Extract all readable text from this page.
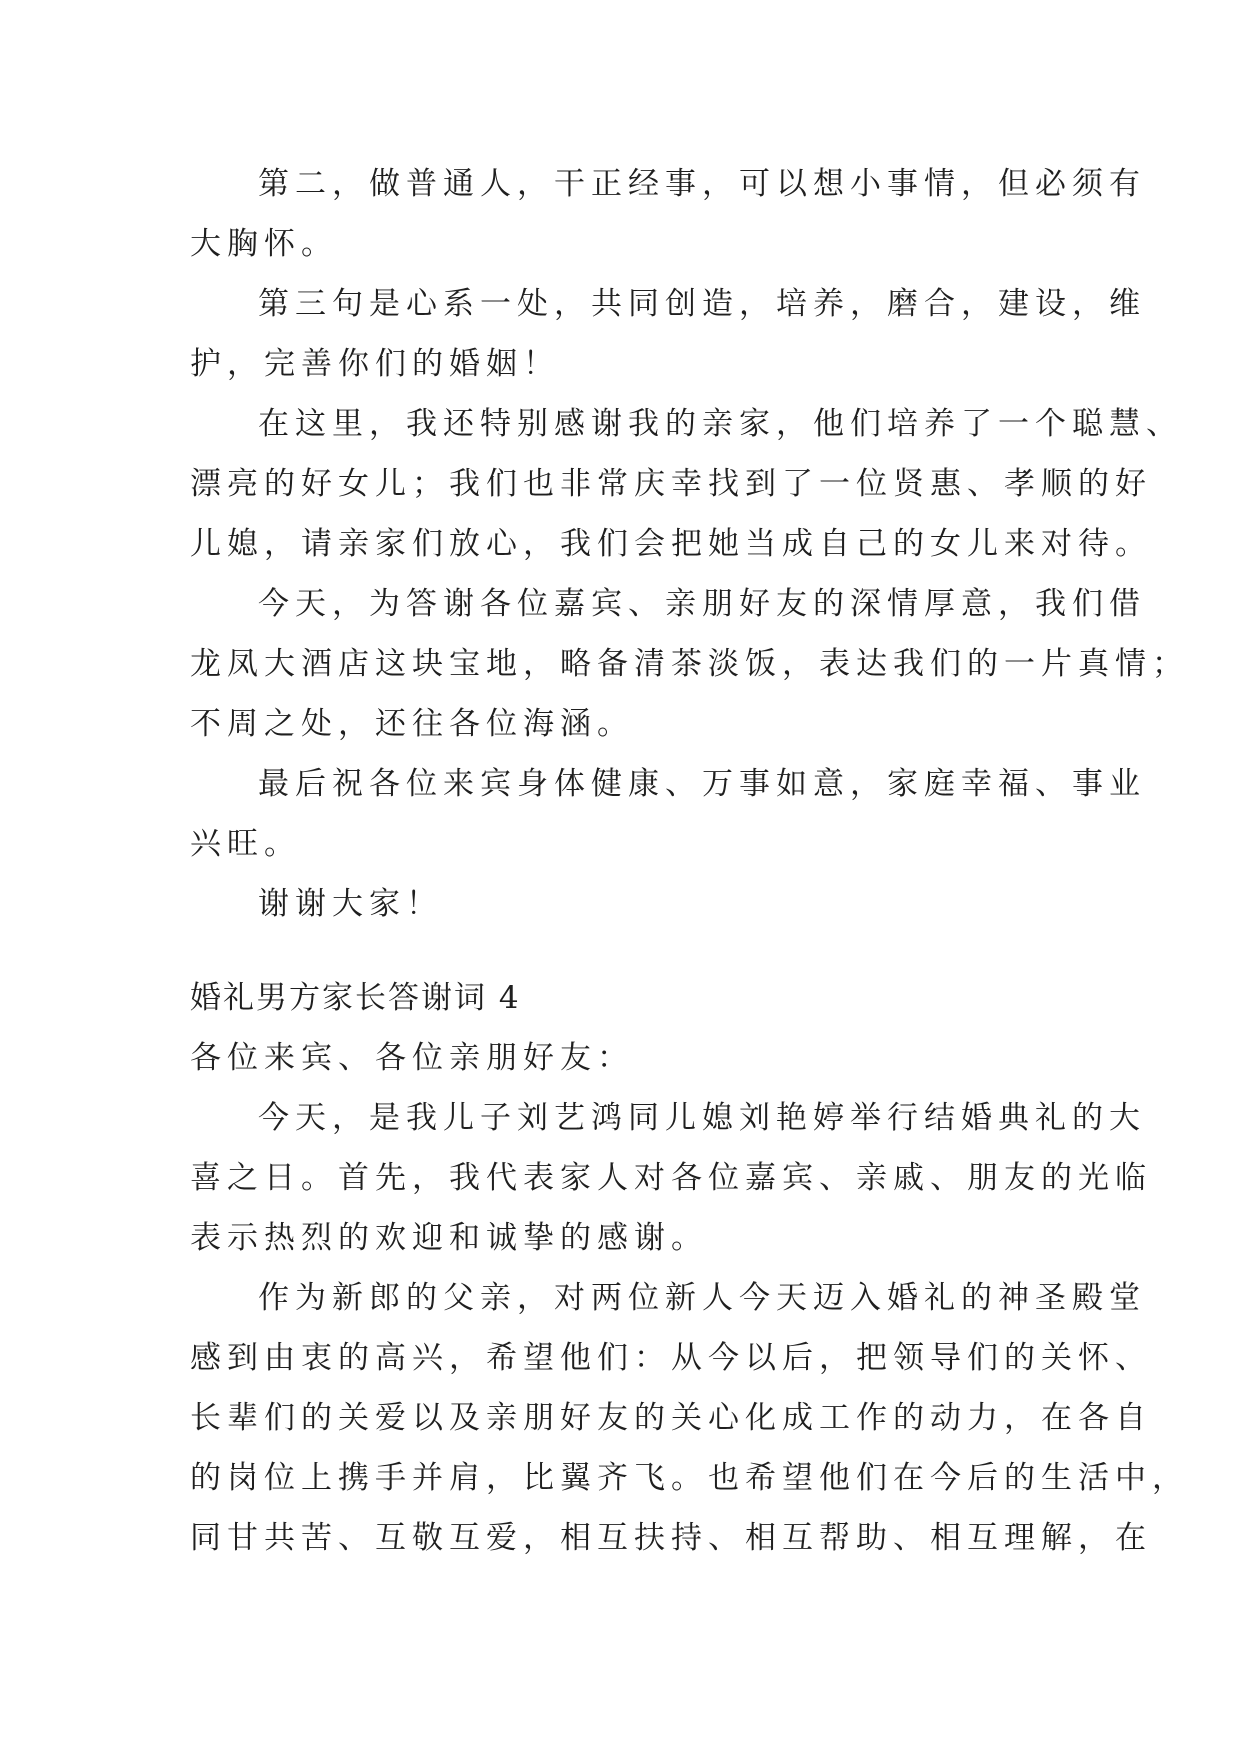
第二，做普通人，干正经事，可以想小事情，但必须有
大胸怀。
第三句是心系一处，共同创造，培养，磨合，建设，维
护，完善你们的婚姻！
在这里，我还特别感谢我的亲家，他们培养了一个聪慧、
漂亮的好女儿；我们也非常庆幸找到了一位贤惠、孝顺的好
儿媳，请亲家们放心，我们会把她当成自己的女儿来对待。
今天，为答谢各位嘉宾、亲朋好友的深情厚意，我们借
龙凤大酒店这块宝地，略备清茶淡饭，表达我们的一片真情；
不周之处，还往各位海涵。
最后祝各位来宾身体健康、万事如意，家庭幸福、事业
兴旺。
谢谢大家！
婚礼男方家长答谢词 4
各位来宾、各位亲朋好友：
今天，是我儿子刘艺鸿同儿媳刘艳婷举行结婚典礼的大
喜之日。首先，我代表家人对各位嘉宾、亲戚、朋友的光临
表示热烈的欢迎和诚挚的感谢。
作为新郎的父亲，对两位新人今天迈入婚礼的神圣殿堂
感到由衷的高兴，希望他们：从今以后，把领导们的关怀、
长辈们的关爱以及亲朋好友的关心化成工作的动力，在各自
的岗位上携手并肩，比翼齐飞。也希望他们在今后的生活中，
同甘共苦、互敬互爱，相互扶持、相互帮助、相互理解，在
